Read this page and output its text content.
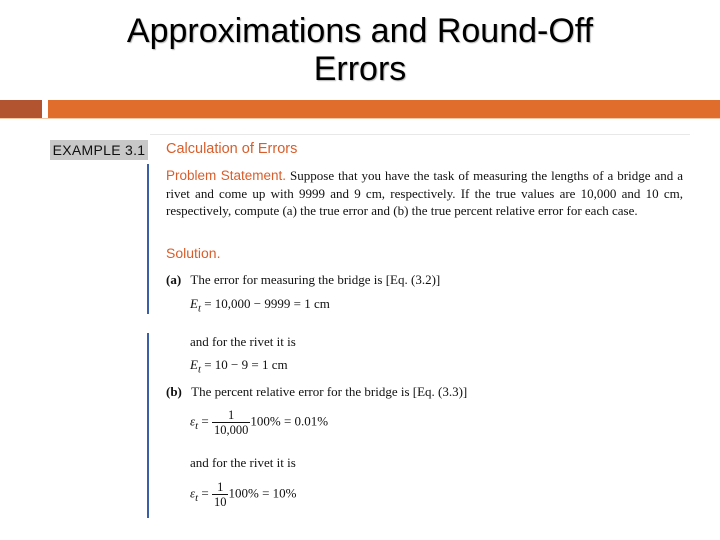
Approximations and Round-Off
Errors
EXAMPLE 3.1 Calculation of Errors
Problem Statement. Suppose that you have the task of measuring the lengths of a bridge and a rivet and come up with 9999 and 9 cm, respectively. If the true values are 10,000 and 10 cm, respectively, compute (a) the true error and (b) the true percent relative error for each case.
Solution.
(a) The error for measuring the bridge is [Eq. (3.2)]
$E_t = 10,000 - 9999 = 1$ cm
and for the rivet it is
$E_t = 10 - 9 = 1$ cm
(b) The percent relative error for the bridge is [Eq. (3.3)]
$\varepsilon_t = \frac{1}{10,000} 100\% = 0.01\%$
and for the rivet it is
$\varepsilon_t = \frac{1}{10} 100\% = 10\%$
